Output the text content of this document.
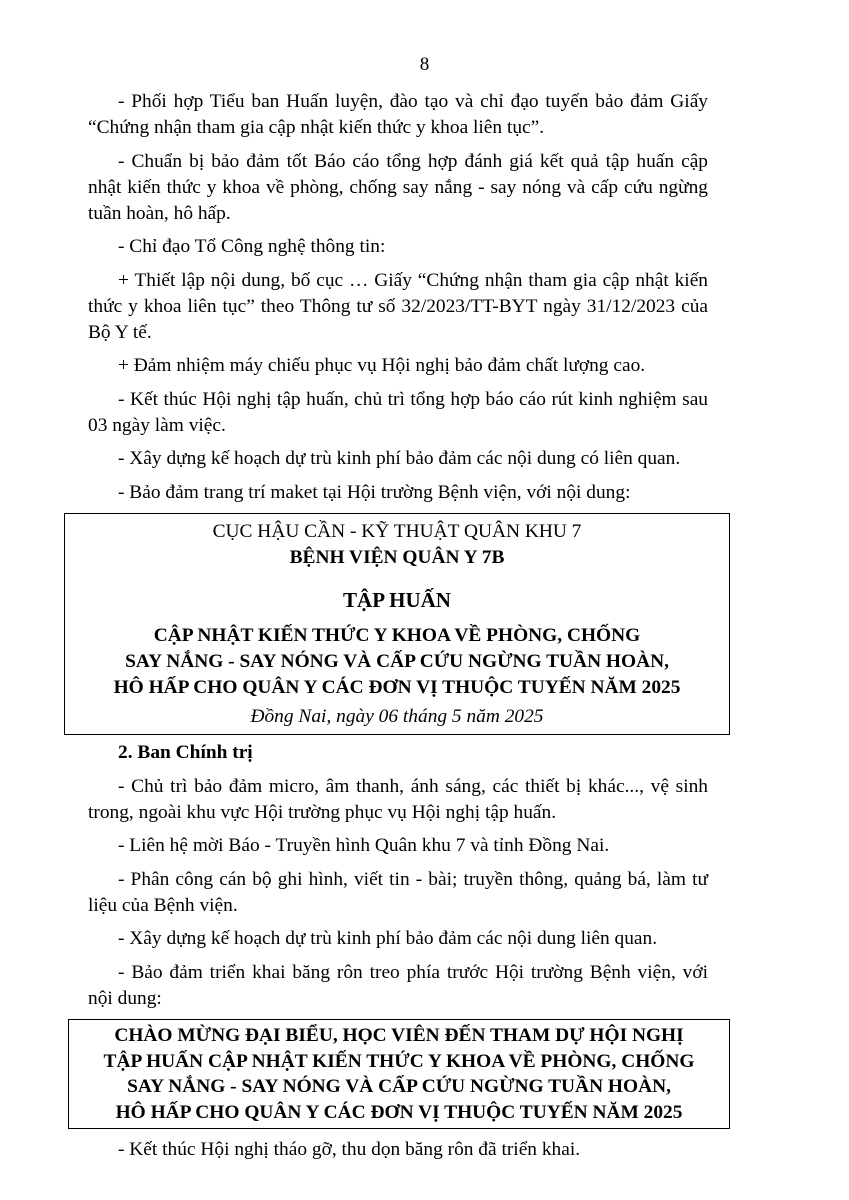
8

- Phối hợp Tiểu ban Huấn luyện, đào tạo và chỉ đạo tuyến bảo đảm Giấy “Chứng nhận tham gia cập nhật kiến thức y khoa liên tục”.

- Chuẩn bị bảo đảm tốt Báo cáo tổng hợp đánh giá kết quả tập huấn cập nhật kiến thức y khoa về phòng, chống say nắng - say nóng và cấp cứu ngừng tuần hoàn, hô hấp.

- Chỉ đạo Tổ Công nghệ thông tin:

+ Thiết lập nội dung, bố cục … Giấy “Chứng nhận tham gia cập nhật kiến thức y khoa liên tục” theo Thông tư số 32/2023/TT-BYT ngày 31/12/2023 của Bộ Y tế.

+ Đảm nhiệm máy chiếu phục vụ Hội nghị bảo đảm chất lượng cao.

- Kết thúc Hội nghị tập huấn, chủ trì tổng hợp báo cáo rút kinh nghiệm sau 03 ngày làm việc.

- Xây dựng kế hoạch dự trù kinh phí bảo đảm các nội dung có liên quan.

- Bảo đảm trang trí maket tại Hội trường Bệnh viện, với nội dung:

CỤC HẬU CẦN - KỸ THUẬT QUÂN KHU 7
BỆNH VIỆN QUÂN Y 7B
TẬP HUẤN
CẬP NHẬT KIẾN THỨC Y KHOA VỀ PHÒNG, CHỐNG
SAY NẮNG - SAY NÓNG VÀ CẤP CỨU NGỪNG TUẦN HOÀN,
HÔ HẤP CHO QUÂN Y CÁC ĐƠN VỊ THUỘC TUYẾN NĂM 2025
Đồng Nai, ngày 06 tháng 5 năm 2025

2. Ban Chính trị

- Chủ trì bảo đảm micro, âm thanh, ánh sáng, các thiết bị khác..., vệ sinh trong, ngoài khu vực Hội trường phục vụ Hội nghị tập huấn.

- Liên hệ mời Báo - Truyền hình Quân khu 7 và tỉnh Đồng Nai.

- Phân công cán bộ ghi hình, viết tin - bài; truyền thông, quảng bá, làm tư liệu của Bệnh viện.

- Xây dựng kế hoạch dự trù kinh phí bảo đảm các nội dung liên quan.

- Bảo đảm triển khai băng rôn treo phía trước Hội trường Bệnh viện, với nội dung:

CHÀO MỪNG ĐẠI BIỂU, HỌC VIÊN ĐẾN THAM DỰ HỘI NGHỊ
TẬP HUẤN CẬP NHẬT KIẾN THỨC Y KHOA VỀ PHÒNG, CHỐNG
SAY NẮNG - SAY NÓNG VÀ CẤP CỨU NGỪNG TUẦN HOÀN,
HÔ HẤP CHO QUÂN Y CÁC ĐƠN VỊ THUỘC TUYẾN NĂM 2025

- Kết thúc Hội nghị tháo gỡ, thu dọn băng rôn đã triển khai.
